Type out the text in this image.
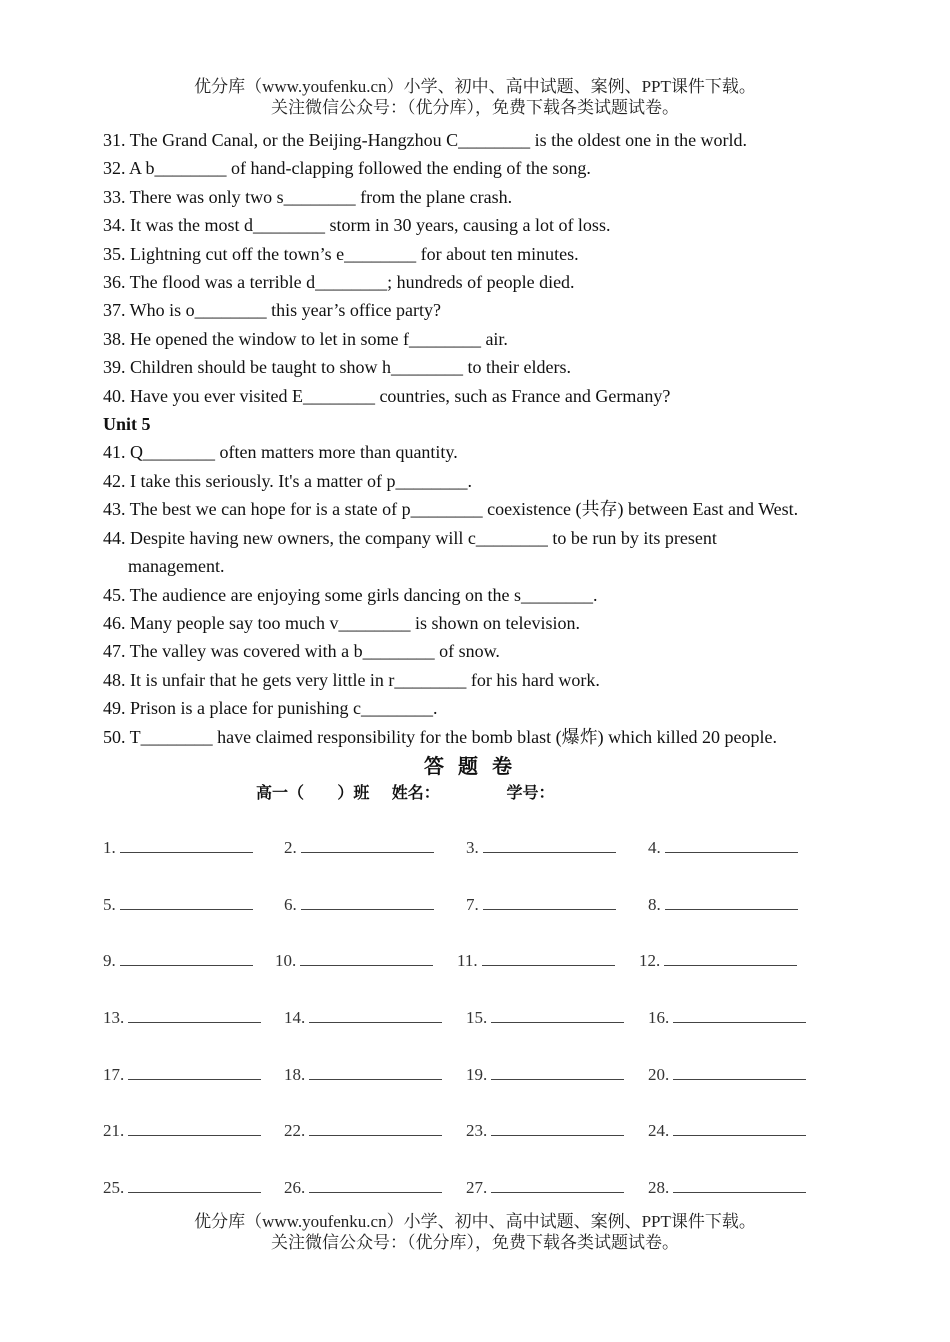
优分库（www.youfenku.cn）小学、初中、高中试题、案例、PPT课件下载。
关注微信公众号：（优分库），免费下载各类试题试卷。
31. The Grand Canal, or the Beijing-Hangzhou C________ is the oldest one in the world.
32. A b________ of hand-clapping followed the ending of the song.
33. There was only two s________ from the plane crash.
34. It was the most d________ storm in 30 years, causing a lot of loss.
35. Lightning cut off the town’s e________ for about ten minutes.
36. The flood was a terrible d________; hundreds of people died.
37. Who is o________ this year’s office party?
38. He opened the window to let in some f________ air.
39. Children should be taught to show h________ to their elders.
40. Have you ever visited E________ countries, such as France and Germany?
Unit 5
41. Q________ often matters more than quantity.
42. I take this seriously. It's a matter of p________.
43. The best we can hope for is a state of p________ coexistence (共存) between East and West.
44. Despite having new owners, the company will c________ to be run by its present
management.
45. The audience are enjoying some girls dancing on the s________.
46. Many people say too much v________ is shown on television.
47. The valley was covered with a b________ of snow.
48. It is unfair that he gets very little in r________ for his hard work.
49. Prison is a place for punishing c________.
50. T________ have claimed responsibility for the bomb blast (爆炸) which killed 20 people.
答题卷
高一（      ）班    姓名：            学号：
1.	2.	3.	4.
5.	6.	7.	8.
9.	10.	11.	12.
13.	14.	15.	16.
17.	18.	19.	20.
21.	22.	23.	24.
25.	26.	27.	28.
优分库（www.youfenku.cn）小学、初中、高中试题、案例、PPT课件下载。
关注微信公众号：（优分库），免费下载各类试题试卷。
